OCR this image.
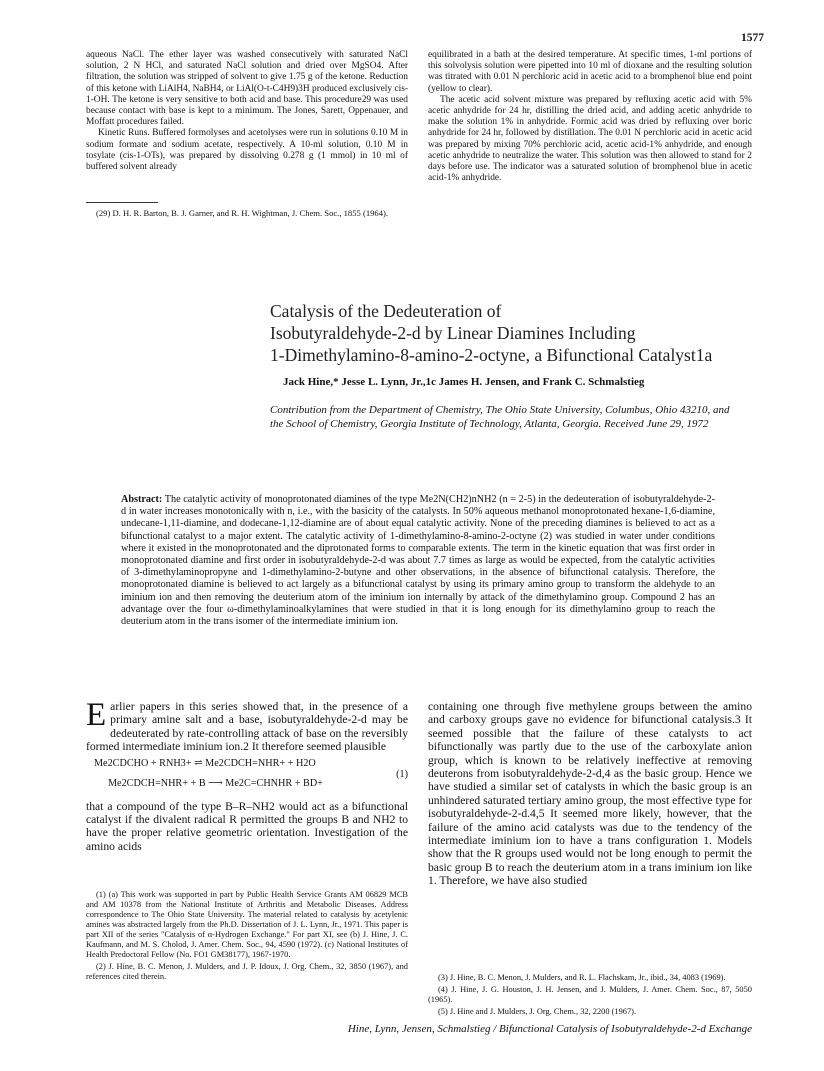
1577

aqueous NaCl. The ether layer was washed consecutively with saturated NaCl solution, 2 N HCl, and saturated NaCl solution and dried over MgSO4. After filtration, the solution was stripped of solvent to give 1.75 g of the ketone. Reduction of this ketone with LiAlH4, NaBH4, or LiAl(O-t-C4H9)3H produced exclusively cis-1-OH. The ketone is very sensitive to both acid and base. This procedure29 was used because contact with base is kept to a minimum. The Jones, Sarett, Oppenauer, and Moffatt procedures failed.

Kinetic Runs. Buffered formolyses and acetolyses were run in solutions 0.10 M in sodium formate and sodium acetate, respectively. A 10-ml solution, 0.10 M in tosylate (cis-1-OTs), was prepared by dissolving 0.278 g (1 mmol) in 10 ml of buffered solvent already

(29) D. H. R. Barton, B. J. Garner, and R. H. Wightman, J. Chem. Soc., 1855 (1964).

equilibrated in a bath at the desired temperature. At specific times, 1-ml portions of this solvolysis solution were pipetted into 10 ml of dioxane and the resulting solution was titrated with 0.01 N perchloric acid in acetic acid to a bromphenol blue end point (yellow to clear).

The acetic acid solvent mixture was prepared by refluxing acetic acid with 5% acetic anhydride for 24 hr, distilling the dried acid, and adding acetic anhydride to make the solution 1% in anhydride. Formic acid was dried by refluxing over boric anhydride for 24 hr, followed by distillation. The 0.01 N perchloric acid in acetic acid was prepared by mixing 70% perchloric acid, acetic acid-1% anhydride, and enough acetic anhydride to neutralize the water. This solution was then allowed to stand for 2 days before use. The indicator was a saturated solution of bromphenol blue in acetic acid-1% anhydride.

Catalysis of the Dedeuteration of
Isobutyraldehyde-2-d by Linear Diamines Including
1-Dimethylamino-8-amino-2-octyne, a Bifunctional Catalyst1a
Jack Hine,* Jesse L. Lynn, Jr.,1c James H. Jensen, and Frank C. Schmalstieg
Contribution from the Department of Chemistry, The Ohio State University, Columbus, Ohio 43210, and the School of Chemistry, Georgia Institute of Technology, Atlanta, Georgia. Received June 29, 1972
Abstract: The catalytic activity of monoprotonated diamines of the type Me2N(CH2)nNH2 (n = 2-5) in the dedeuteration of isobutyraldehyde-2-d in water increases monotonically with n, i.e., with the basicity of the catalysts. In 50% aqueous methanol monoprotonated hexane-1,6-diamine, undecane-1,11-diamine, and dodecane-1,12-diamine are of about equal catalytic activity. None of the preceding diamines is believed to act as a bifunctional catalyst to a major extent. The catalytic activity of 1-dimethylamino-8-amino-2-octyne (2) was studied in water under conditions where it existed in the monoprotonated and the diprotonated forms to comparable extents. The term in the kinetic equation that was first order in monoprotonated diamine and first order in isobutyraldehyde-2-d was about 7.7 times as large as would be expected, from the catalytic activities of 3-dimethylaminopropyne and 1-dimethylamino-2-butyne and other observations, in the absence of bifunctional catalysis. Therefore, the monoprotonated diamine is believed to act largely as a bifunctional catalyst by using its primary amino group to transform the aldehyde to an iminium ion and then removing the deuterium atom of the iminium ion internally by attack of the dimethylamino group. Compound 2 has an advantage over the four ω-dimethylaminoalkylamines that were studied in that it is long enough for its dimethylamino group to reach the deuterium atom in the trans isomer of the intermediate iminium ion.

Earlier papers in this series showed that, in the presence of a primary amine salt and a base, isobutyraldehyde-2-d may be dedeuterated by rate-controlling attack of base on the reversibly formed intermediate iminium ion.2 It therefore seemed plausible

Me2CDCHO + RNH3+ ⇌ Me2CDCH=NHR+ + H2O
Me2CDCH=NHR+ + B ⟶ Me2C=CHNHR + BD+
(1)

that a compound of the type B–R–NH2 would act as a bifunctional catalyst if the divalent radical R permitted the groups B and NH2 to have the proper relative geometric orientation. Investigation of the amino acids

containing one through five methylene groups between the amino and carboxy groups gave no evidence for bifunctional catalysis.3 It seemed possible that the failure of these catalysts to act bifunctionally was partly due to the use of the carboxylate anion group, which is known to be relatively ineffective at removing deuterons from isobutyraldehyde-2-d,4 as the basic group. Hence we have studied a similar set of catalysts in which the basic group is an unhindered saturated tertiary amino group, the most effective type for isobutyraldehyde-2-d.4,5 It seemed more likely, however, that the failure of the amino acid catalysts was due to the tendency of the intermediate iminium ion to have a trans configuration 1. Models show that the R groups used would not be long enough to permit the basic group B to reach the deuterium atom in a trans iminium ion like 1. Therefore, we have also studied

(1) (a) This work was supported in part by Public Health Service Grants AM 06829 MCB and AM 10378 from the National Institute of Arthritis and Metabolic Diseases. Address correspondence to The Ohio State University. The material related to catalysis by acetylenic amines was abstracted largely from the Ph.D. Dissertation of J. L. Lynn, Jr., 1971. This paper is part XII of the series "Catalysis of α-Hydrogen Exchange." For part XI, see (b) J. Hine, J. C. Kaufmann, and M. S. Cholod, J. Amer. Chem. Soc., 94, 4590 (1972). (c) National Institutes of Health Predoctoral Fellow (No. FO1 GM38177), 1967-1970.

(2) J. Hine, B. C. Menon, J. Mulders, and J. P. Idoux, J. Org. Chem., 32, 3850 (1967), and references cited therein.	(3) J. Hine, B. C. Menon, J. Mulders, and R. L. Flachskam, Jr., ibid., 34, 4083 (1969).

(4) J. Hine, J. G. Houston, J. H. Jensen, and J. Mulders, J. Amer. Chem. Soc., 87, 5050 (1965).

(5) J. Hine and J. Mulders, J. Org. Chem., 32, 2200 (1967).

Hine, Lynn, Jensen, Schmalstieg / Bifunctional Catalysis of Isobutyraldehyde-2-d Exchange
